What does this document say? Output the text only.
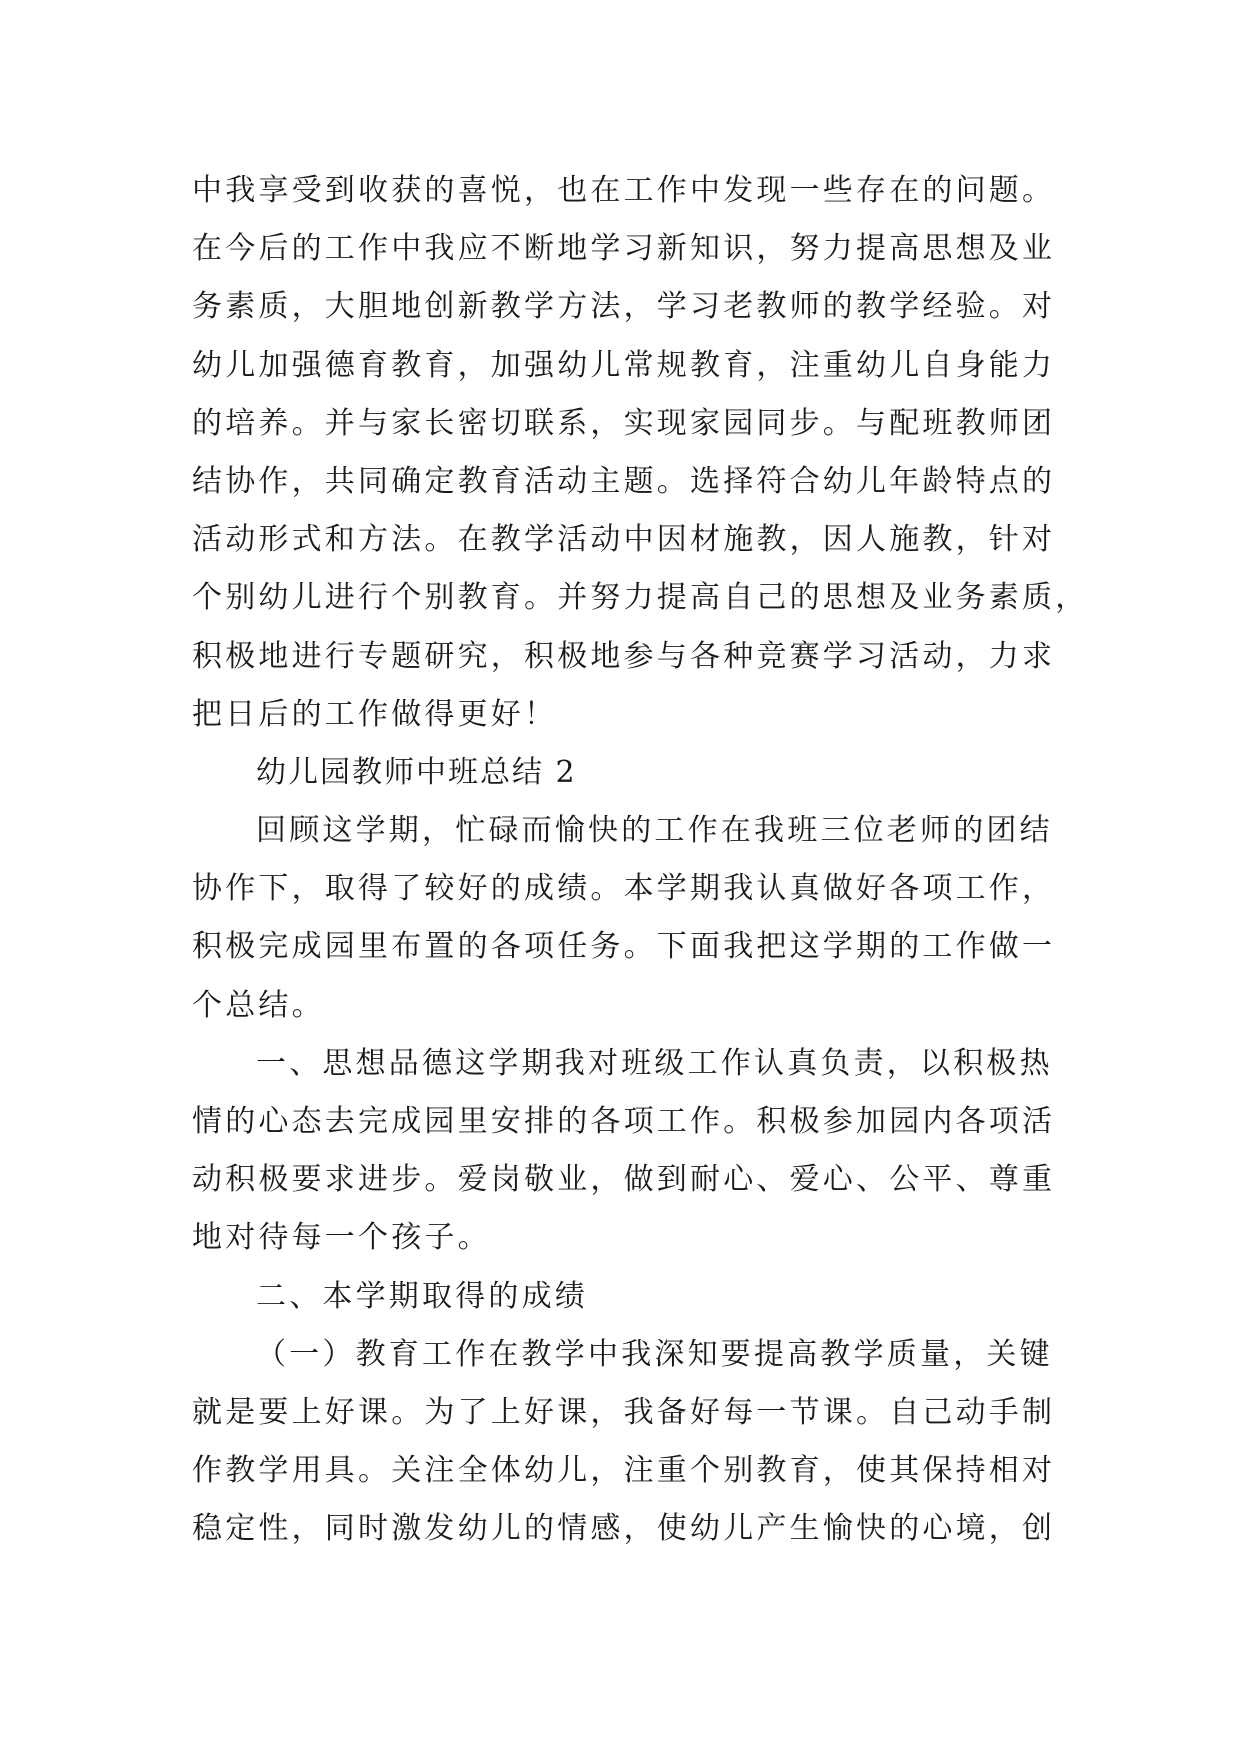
中我享受到收获的喜悦，也在工作中发现一些存在的问题。
在今后的工作中我应不断地学习新知识，努力提高思想及业
务素质，大胆地创新教学方法，学习老教师的教学经验。对
幼儿加强德育教育，加强幼儿常规教育，注重幼儿自身能力
的培养。并与家长密切联系，实现家园同步。与配班教师团
结协作，共同确定教育活动主题。选择符合幼儿年龄特点的
活动形式和方法。在教学活动中因材施教，因人施教，针对
个别幼儿进行个别教育。并努力提高自己的思想及业务素质，
积极地进行专题研究，积极地参与各种竞赛学习活动，力求
把日后的工作做得更好！
幼儿园教师中班总结 2
回顾这学期，忙碌而愉快的工作在我班三位老师的团结
协作下，取得了较好的成绩。本学期我认真做好各项工作，
积极完成园里布置的各项任务。下面我把这学期的工作做一
个总结。
一、思想品德这学期我对班级工作认真负责，以积极热
情的心态去完成园里安排的各项工作。积极参加园内各项活
动积极要求进步。爱岗敬业，做到耐心、爱心、公平、尊重
地对待每一个孩子。
二、本学期取得的成绩
（一）教育工作在教学中我深知要提高教学质量，关键
就是要上好课。为了上好课，我备好每一节课。自己动手制
作教学用具。关注全体幼儿，注重个别教育，使其保持相对
稳定性，同时激发幼儿的情感，使幼儿产生愉快的心境，创
